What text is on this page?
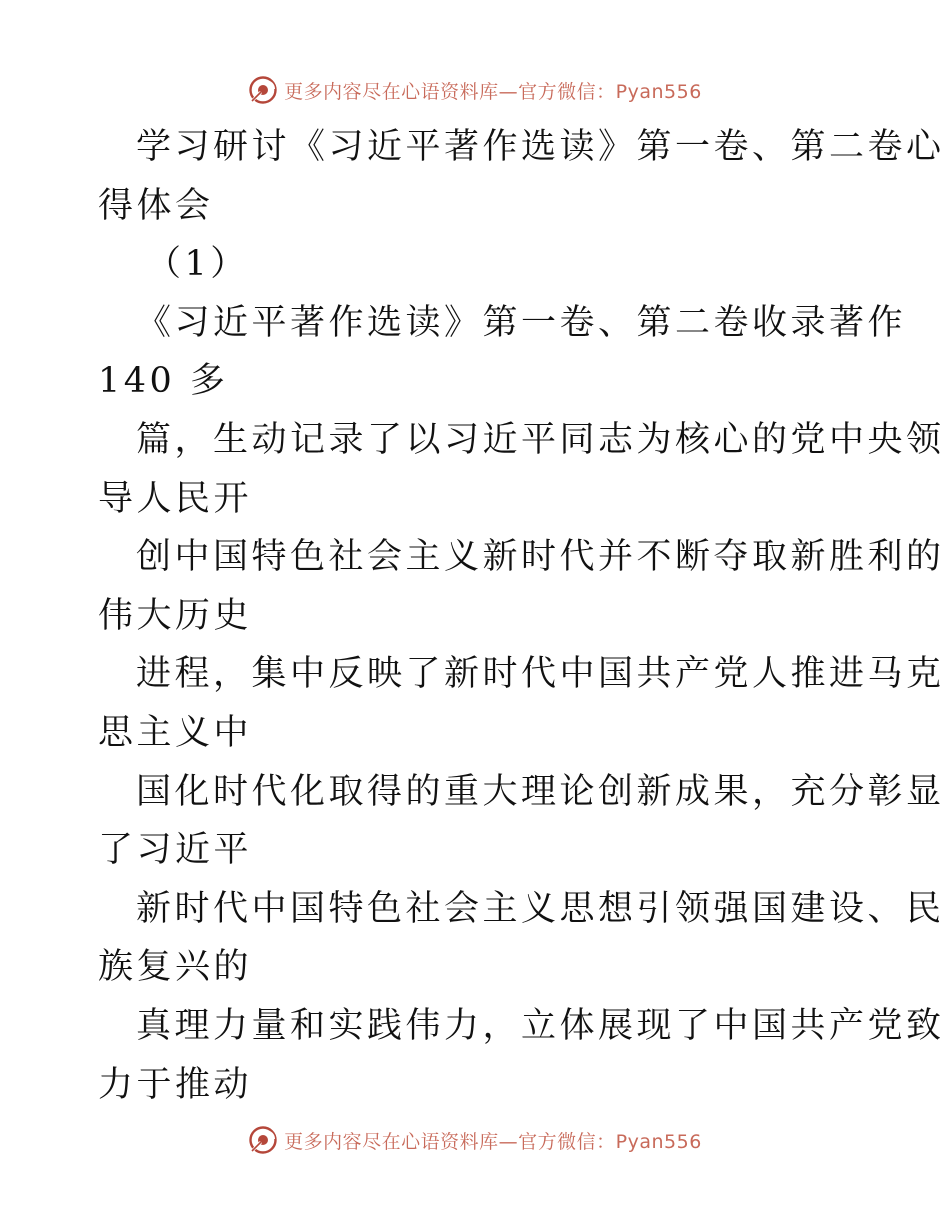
更多内容尽在心语资料库—官方微信：Pyan556
学习研讨《习近平著作选读》第一卷、第二卷心
得体会
（1）
《习近平著作选读》第一卷、第二卷收录著作
140 多
篇，生动记录了以习近平同志为核心的党中央领
导人民开
创中国特色社会主义新时代并不断夺取新胜利的
伟大历史
进程，集中反映了新时代中国共产党人推进马克
思主义中
国化时代化取得的重大理论创新成果，充分彰显
了习近平
新时代中国特色社会主义思想引领强国建设、民
族复兴的
真理力量和实践伟力，立体展现了中国共产党致
力于推动
更多内容尽在心语资料库—官方微信：Pyan556
